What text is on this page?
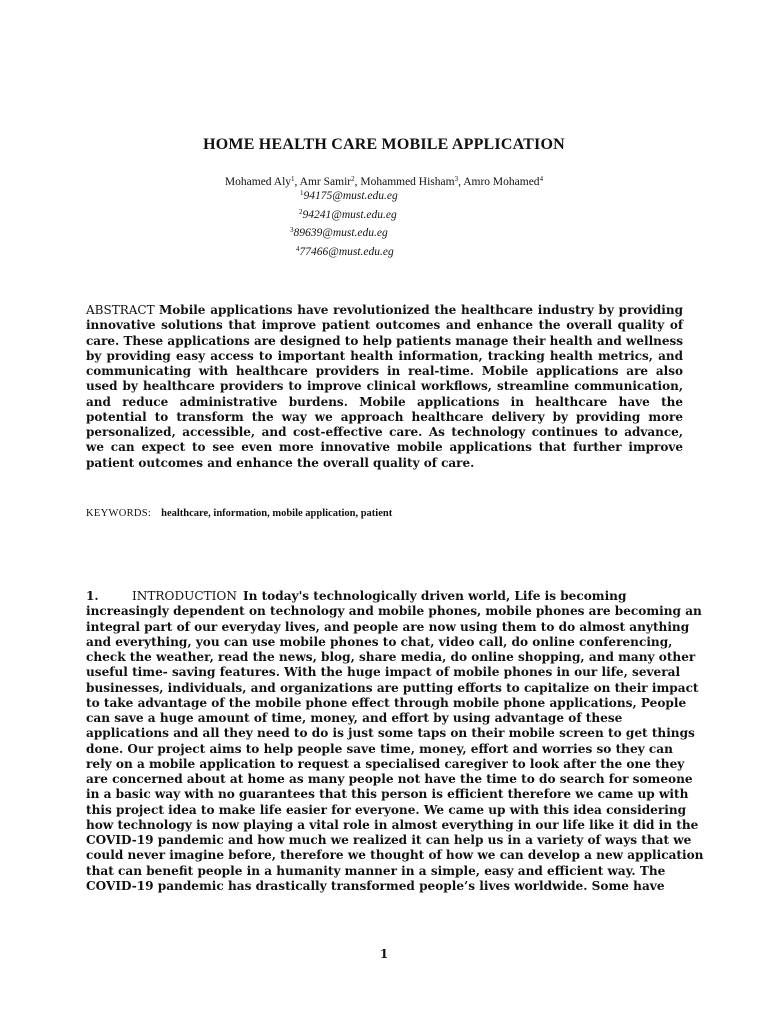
HOME HEALTH CARE MOBILE APPLICATION
Mohamed Aly$^1$, Amr Samir$^2$, Mohammed Hisham$^3$, Amro Mohamed$^4$
$^1$94175@must.edu.eg
$^2$94241@must.edu.eg
$^3$89639@must.edu.eg
$^4$77466@must.edu.eg
ABSTRACT Mobile applications have revolutionized the healthcare industry by providing innovative solutions that improve patient outcomes and enhance the overall quality of care. These applications are designed to help patients manage their health and wellness by providing easy access to important health information, tracking health metrics, and communicating with healthcare providers in real-time. Mobile applications are also used by healthcare providers to improve clinical workflows, streamline communication, and reduce administrative burdens. Mobile applications in healthcare have the potential to transform the way we approach healthcare delivery by providing more personalized, accessible, and cost-effective care. As technology continues to advance, we can expect to see even more innovative mobile applications that further improve patient outcomes and enhance the overall quality of care.
KEYWORDS: healthcare, information, mobile application, patient
1.	INTRODUCTION In today's technologically driven world, Life is becoming
increasingly dependent on technology and mobile phones, mobile phones are becoming an
integral part of our everyday lives, and people are now using them to do almost anything
and everything, you can use mobile phones to chat, video call, do online conferencing,
check the weather, read the news, blog, share media, do online shopping, and many other
useful time- saving features. With the huge impact of mobile phones in our life, several
businesses, individuals, and organizations are putting efforts to capitalize on their impact
to take advantage of the mobile phone effect through mobile phone applications, People
can save a huge amount of time, money, and effort by using advantage of these
applications and all they need to do is just some taps on their mobile screen to get things
done. Our project aims to help people save time, money, effort and worries so they can
rely on a mobile application to request a specialised caregiver to look after the one they
are concerned about at home as many people not have the time to do search for someone
in a basic way with no guarantees that this person is efficient therefore we came up with
this project idea to make life easier for everyone. We came up with this idea considering
how technology is now playing a vital role in almost everything in our life like it did in the
COVID-19 pandemic and how much we realized it can help us in a variety of ways that we
could never imagine before, therefore we thought of how we can develop a new application
that can benefit people in a humanity manner in a simple, easy and efficient way. The
COVID-19 pandemic has drastically transformed people’s lives worldwide. Some have
1
